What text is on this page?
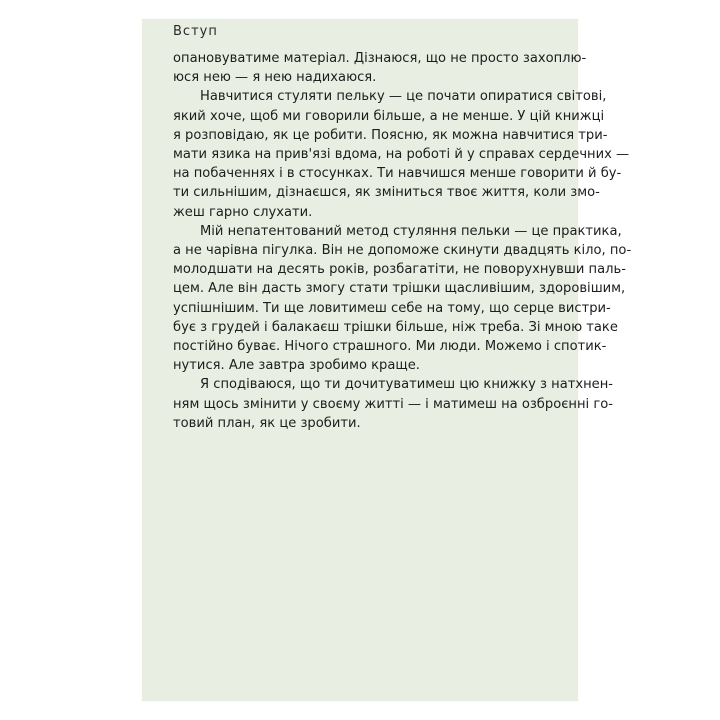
Вступ
опановуватиме матеріал. Дізнаюся, що не просто захоплю-
юся нею — я нею надихаюся.
Навчитися стуляти пельку — це почати опиратися світові,
який хоче, щоб ми говорили більше, а не менше. У цій книжці
я розповідаю, як це робити. Поясню, як можна навчитися три-
мати язика на прив'язі вдома, на роботі й у справах сердечних —
на побаченнях і в стосунках. Ти навчишся менше говорити й бу-
ти сильнішим, дізнаєшся, як зміниться твоє життя, коли змо-
жеш гарно слухати.
Мій непатентований метод стуляння пельки — це практика,
а не чарівна пігулка. Він не допоможе скинути двадцять кіло, по-
молодшати на десять років, розбагатіти, не поворухнувши паль-
цем. Але він дасть змогу стати трішки щасливішим, здоровішим,
успішнішим. Ти ще ловитимеш себе на тому, що серце вистри-
бує з грудей і балакаєш трішки більше, ніж треба. Зі мною таке
постійно буває. Нічого страшного. Ми люди. Можемо і спотик-
нутися. Але завтра зробимо краще.
Я сподіваюся, що ти дочитуватимеш цю книжку з натхнен-
ням щось змінити у своєму житті — і матимеш на озброєнні го-
товий план, як це зробити.
